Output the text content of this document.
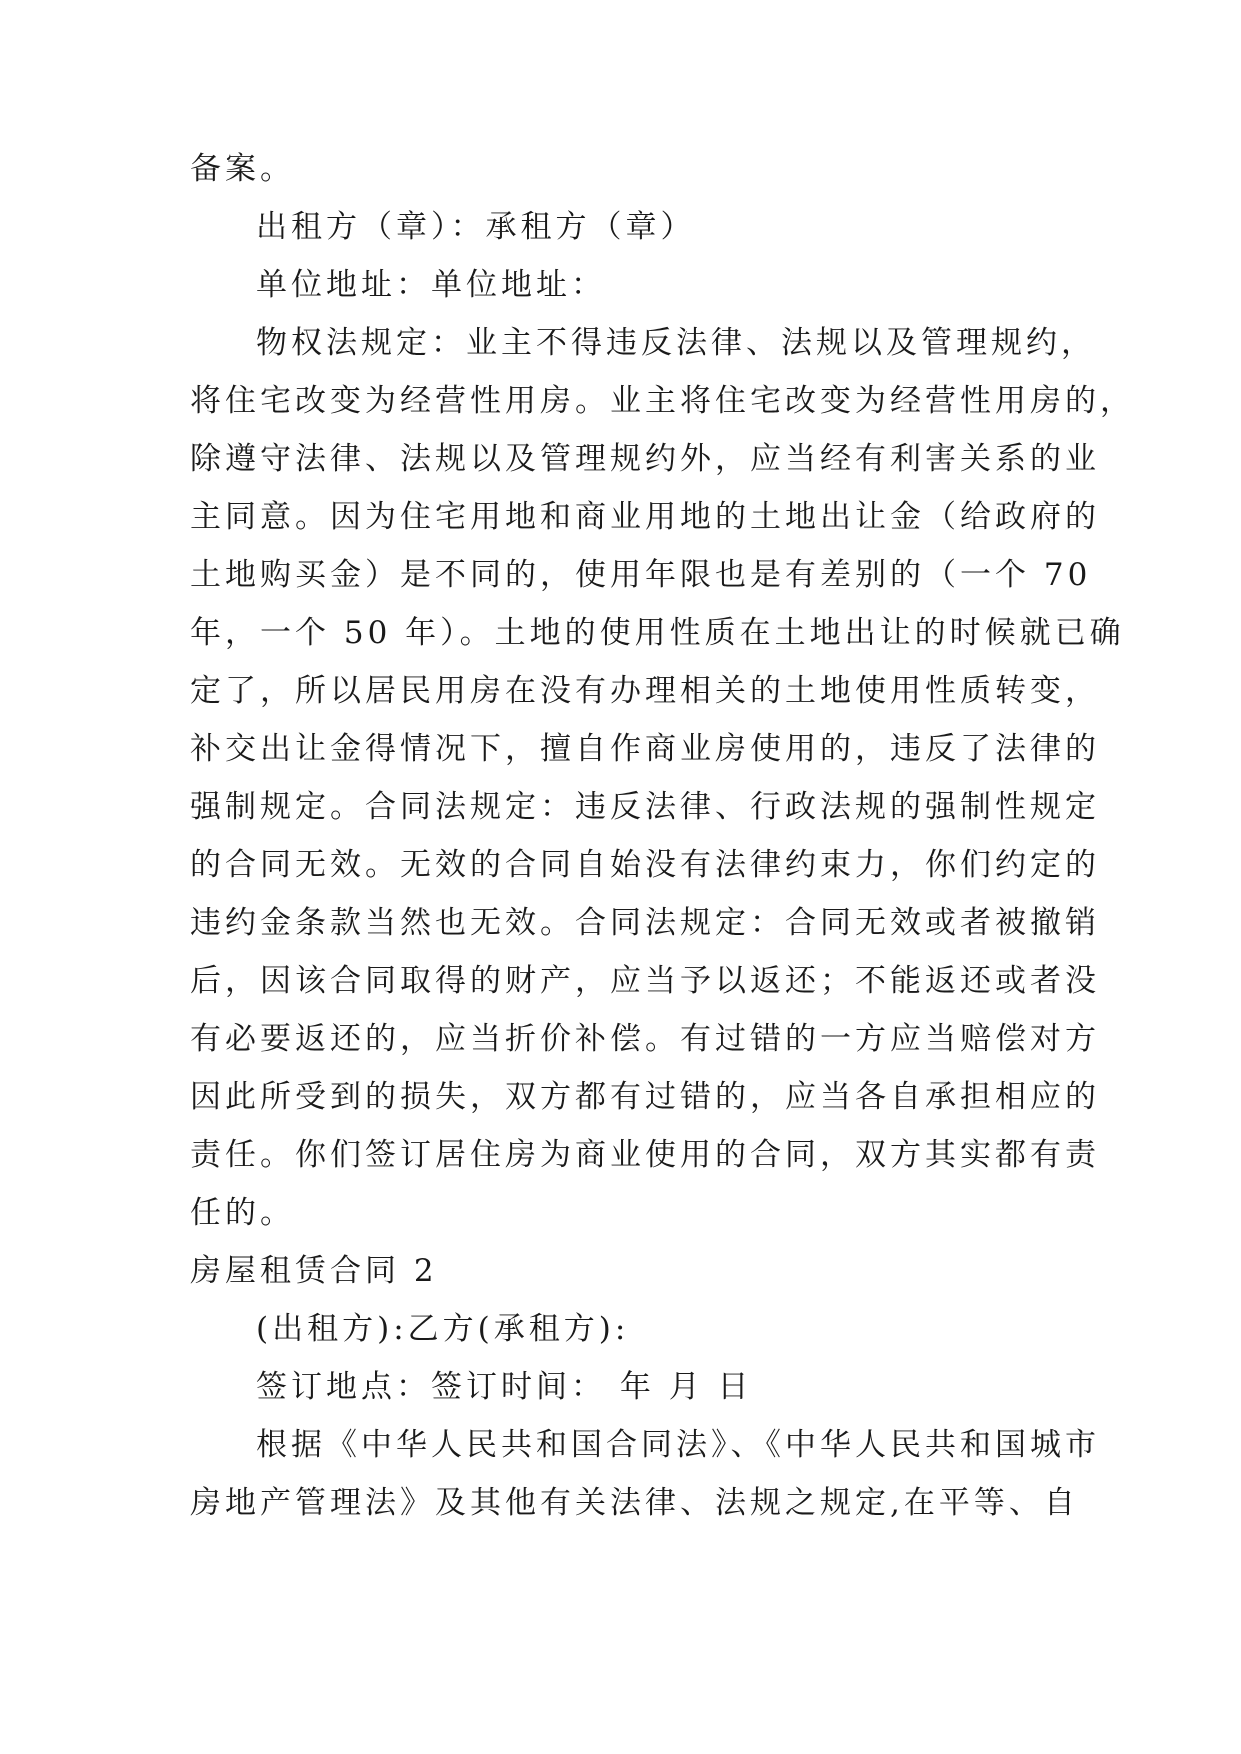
备案。
出租方（章）：承租方（章）
单位地址：单位地址：
物权法规定：业主不得违反法律、法规以及管理规约，
将住宅改变为经营性用房。业主将住宅改变为经营性用房的，
除遵守法律、法规以及管理规约外，应当经有利害关系的业
主同意。因为住宅用地和商业用地的土地出让金（给政府的
土地购买金）是不同的，使用年限也是有差别的（一个 70
年，一个 50 年）。土地的使用性质在土地出让的时候就已确
定了，所以居民用房在没有办理相关的土地使用性质转变，
补交出让金得情况下，擅自作商业房使用的，违反了法律的
强制规定。合同法规定：违反法律、行政法规的强制性规定
的合同无效。无效的合同自始没有法律约束力，你们约定的
违约金条款当然也无效。合同法规定：合同无效或者被撤销
后，因该合同取得的财产，应当予以返还；不能返还或者没
有必要返还的，应当折价补偿。有过错的一方应当赔偿对方
因此所受到的损失，双方都有过错的，应当各自承担相应的
责任。你们签订居住房为商业使用的合同，双方其实都有责
任的。
房屋租赁合同 2
(出租方):乙方(承租方):
签订地点：签订时间： 年 月 日
根据《中华人民共和国合同法》、《中华人民共和国城市
房地产管理法》及其他有关法律、法规之规定,在平等、自
